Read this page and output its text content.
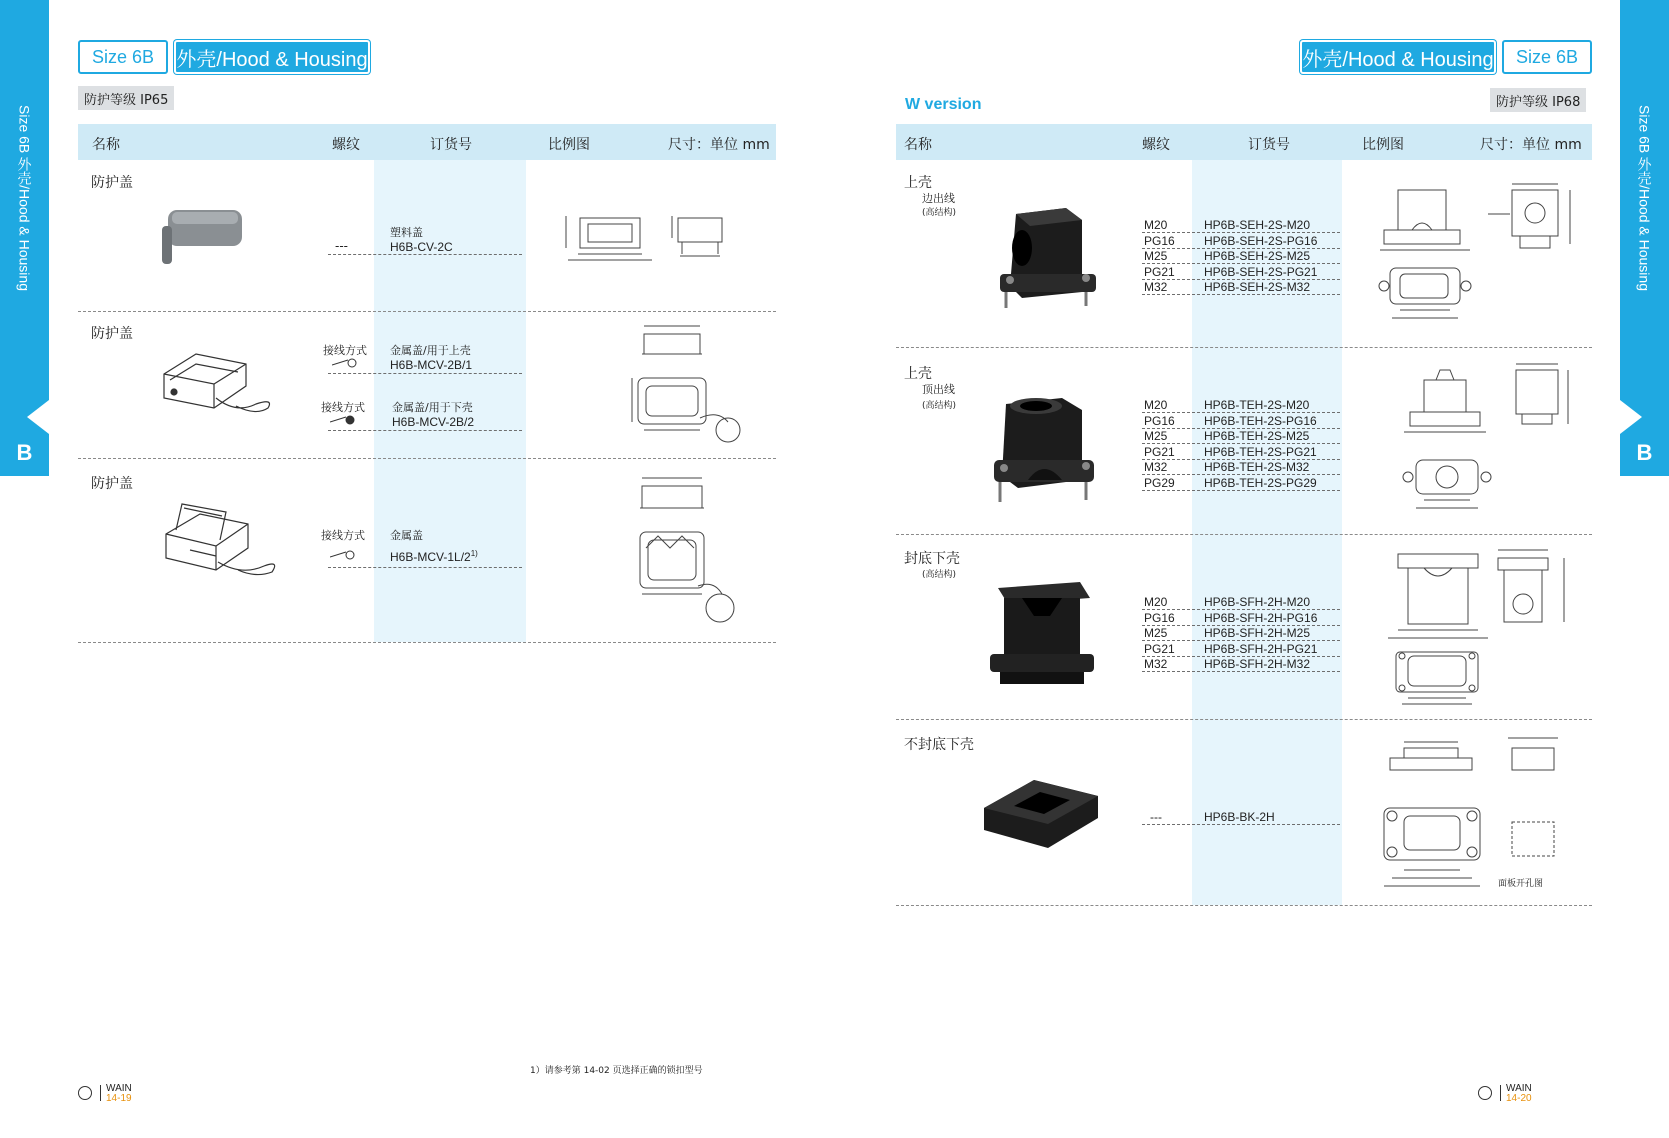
Size 6B 外壳/Hood & Housing
B
Size 6B	外壳/Hood & Housing
防护等级 IP65
名称	螺纹	订货号	比例图	尺寸：单位 mm
防护盖
---
塑料盖
H6B-CV-2C
防护盖
接线方式 金属盖/用于上壳
H6B-MCV-2B/1
接线方式 金属盖/用于下壳
H6B-MCV-2B/2
防护盖
接线方式 金属盖
H6B-MCV-1L/2$^{1)}$
1）请参考第 14-02 页选择正确的锁扣型号
WAIN
14-19
Size 6B 外壳/Hood & Housing
B
外壳/Hood & Housing	Size 6B
W version	防护等级 IP68
名称	螺纹	订货号	比例图	尺寸：单位 mm
上壳
边出线
(高结构)
M20	HP6B-SEH-2S-M20
PG16 HP6B-SEH-2S-PG16
M25	HP6B-SEH-2S-M25
PG21 HP6B-SEH-2S-PG21
M32	HP6B-SEH-2S-M32
上壳
顶出线
(高结构)	M20	HP6B-TEH-2S-M20
PG16 HP6B-TEH-2S-PG16
M25	HP6B-TEH-2S-M25
PG21 HP6B-TEH-2S-PG21
M32	HP6B-TEH-2S-M32
PG29 HP6B-TEH-2S-PG29
封底下壳
(高结构)
M20	HP6B-SFH-2H-M20
PG16 HP6B-SFH-2H-PG16
M25	HP6B-SFH-2H-M25
PG21 HP6B-SFH-2H-PG21
M32	HP6B-SFH-2H-M32
不封底下壳
---	HP6B-BK-2H
面板开孔图
WAIN
14-20
